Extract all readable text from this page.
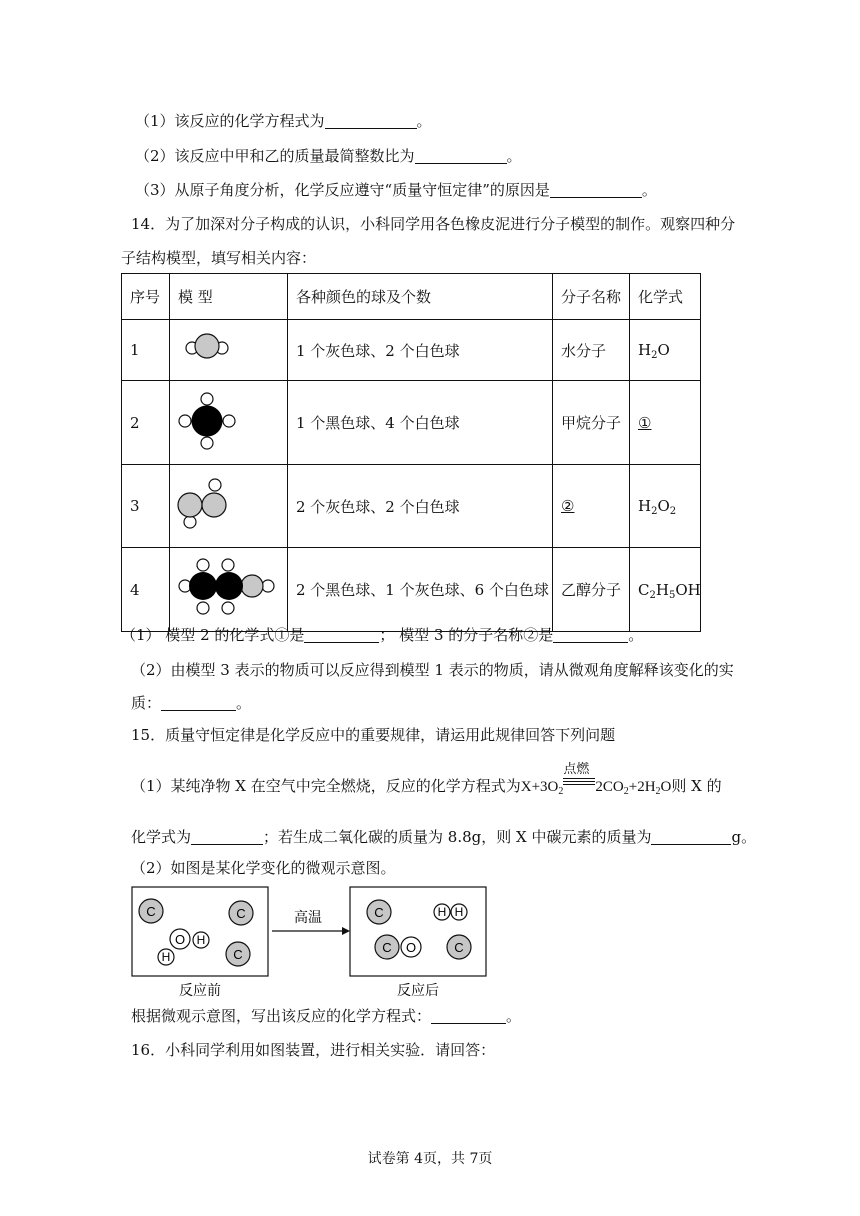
（1）该反应的化学方程式为	。
（2）该反应中甲和乙的质量最简整数比为	。
（3）从原子角度分析，化学反应遵守“质量守恒定律”的原因是	。
14．为了加深对分子构成的认识，小科同学用各色橡皮泥进行分子模型的制作。观察四种分
子结构模型，填写相关内容：
序号	模 型	各种颜色的球及个数	分子名称	化学式
1		1 个灰色球、2 个白色球	水分子	$H_2O$
2		1 个黑色球、4 个白色球	甲烷分子	①
3		2 个灰色球、2 个白色球	②	$H_2O_2$
4		2 个黑色球、1 个灰色球、6 个白色球	乙醇分子	$C_2H_5OH$
（1） 模型 2 的化学式①是	； 模型 3 的分子名称②是	。
（2）由模型 3 表示的物质可以反应得到模型 1 表示的物质，请从微观角度解释该变化的实
质：	。
15．质量守恒定律是化学反应中的重要规律，请运用此规律回答下列问题
（1）某纯净物 X 在空气中完全燃烧，反应的化学方程式为$X+3O_2$
点燃
$2CO_2+2H_2O$则 X 的
化学式为	；若生成二氧化碳的质量为 8.8g，则 X 中碳元素的质量为	g。
（2）如图是某化学变化的微观示意图。
C	C
C
O H
H
高温	C	H H
C O	C
反应前	反应后
根据微观示意图，写出该反应的化学方程式：	。
16．小科同学利用如图装置，进行相关实验．请回答：
试卷第 4页，共 7页
